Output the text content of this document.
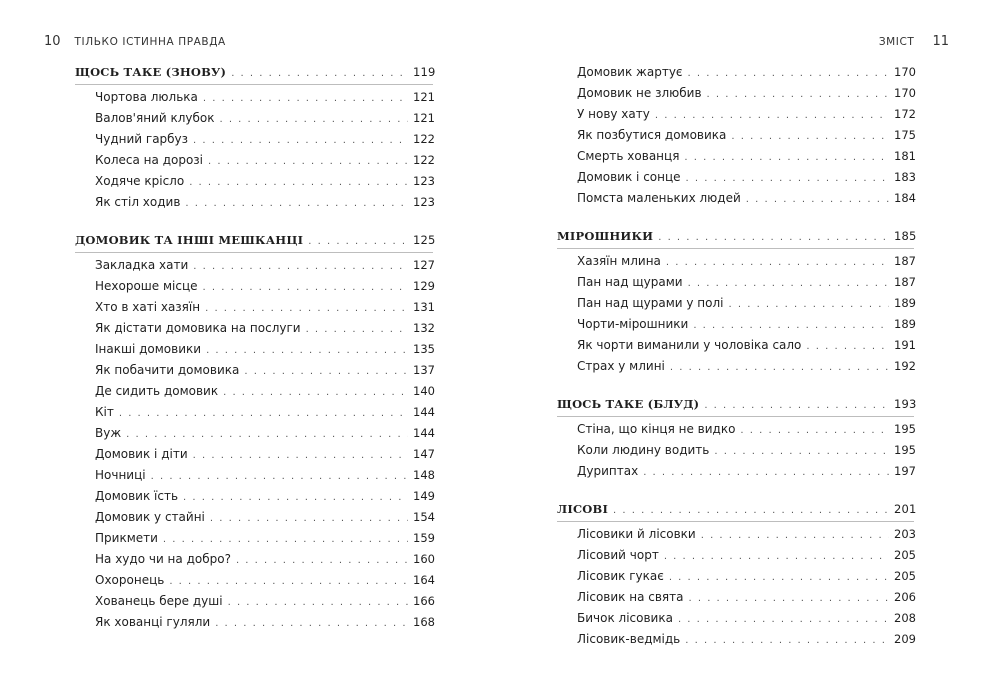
10 ТІЛЬКО ІСТИННА ПРАВДА	ЗМІСТ 11
ЩОСЬ ТАКЕ (ЗНОВУ) . . .	119
Чортова люлька . . .	121
Валов'яний клубок . . .	121
Чудний гарбуз . . .	122
Колеса на дорозі . . .	122
Ходяче крісло . . .	123
Як стіл ходив . . .	123
ДОМОВИК ТА ІНШІ МЕШКАНЦІ . . .	125
Закладка хати . . .	127
Нехороше місце . . .	129
Хто в хаті хазяїн . . .	131
Як дістати домовика на послуги . . .	132
Інакші домовики . . .	135
Як побачити домовика . . .	137
Де сидить домовик . . .	140
Кіт . . .	144
Вуж . . .	144
Домовик і діти . . .	147
Ночниці . . .	148
Домовик їсть . . .	149
Домовик у стайні . . .	154
Прикмети . . .	159
На худо чи на добро? . . .	160
Охоронець . . .	164
Хованець бере душі . . .	166
Як хованці гуляли . . .	168
Домовик жартує . . .	170
Домовик не злюбив . . .	170
У нову хату . . .	172
Як позбутися домовика . . .	175
Смерть хованця . . .	181
Домовик і сонце . . .	183
Помста маленьких людей . . .	184
МІРОШНИКИ . . .	185
Хазяїн млина . . .	187
Пан над щурами . . .	187
Пан над щурами у полі . . .	189
Чорти-мірошники . . .	189
Як чорти виманили у чоловіка сало . . .	191
Страх у млині . . .	192
ЩОСЬ ТАКЕ (БЛУД) . . .	193
Стіна, що кінця не видко . . .	195
Коли людину водить . . .	195
Дуриптах . . .	197
ЛІСОВІ . . .	201
Лісовики й лісовки . . .	203
Лісовий чорт . . .	205
Лісовик гукає . . .	205
Лісовик на свята . . .	206
Бичок лісовика . . .	208
Лісовик-ведмідь . . .	209
